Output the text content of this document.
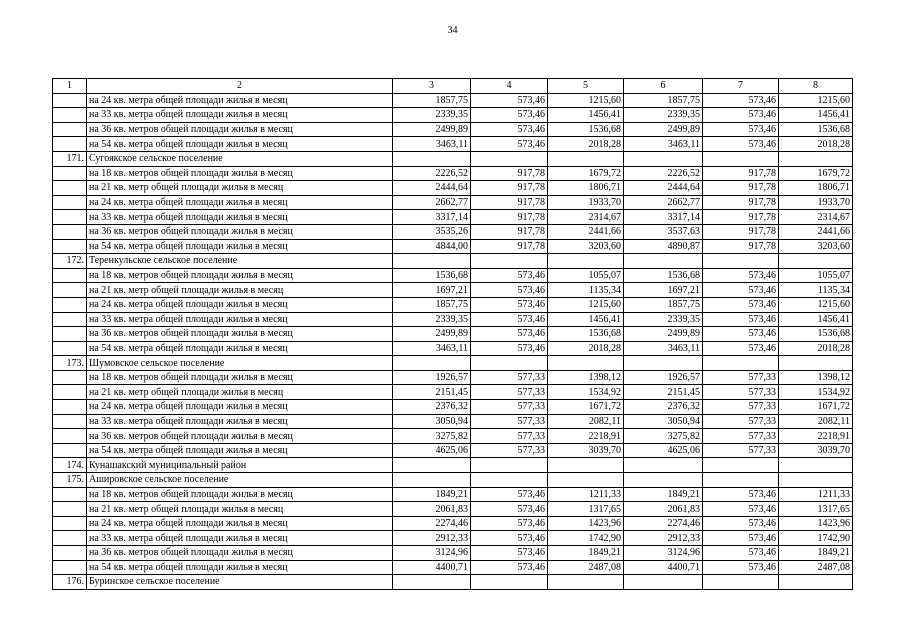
34
1	2	3	4	5	6	7	8
	на 24 кв. метра общей площади жилья в месяц	1857,75	573,46	1215,60	1857,75	573,46	1215,60
	на 33 кв. метра общей площади жилья в месяц	2339,35	573,46	1456,41	2339,35	573,46	1456,41
	на 36 кв. метров общей площади жилья в месяц	2499,89	573,46	1536,68	2499,89	573,46	1536,68
	на 54 кв. метра общей площади жилья в месяц	3463,11	573,46	2018,28	3463,11	573,46	2018,28
171.	Сугоякское сельское поселение						
	на 18 кв. метров общей площади жилья в месяц	2226,52	917,78	1679,72	2226,52	917,78	1679,72
	на 21 кв. метр общей площади жилья в месяц	2444,64	917,78	1806,71	2444,64	917,78	1806,71
	на 24 кв. метра общей площади жилья в месяц	2662,77	917,78	1933,70	2662,77	917,78	1933,70
	на 33 кв. метра общей площади жилья в месяц	3317,14	917,78	2314,67	3317,14	917,78	2314,67
	на 36 кв. метров общей площади жилья в месяц	3535,26	917,78	2441,66	3537,63	917,78	2441,66
	на 54 кв. метра общей площади жилья в месяц	4844,00	917,78	3203,60	4890,87	917,78	3203,60
172.	Теренкульское сельское поселение						
	на 18 кв. метров общей площади жилья в месяц	1536,68	573,46	1055,07	1536,68	573,46	1055,07
	на 21 кв. метр общей площади жилья в месяц	1697,21	573,46	1135,34	1697,21	573,46	1135,34
	на 24 кв. метра общей площади жилья в месяц	1857,75	573,46	1215,60	1857,75	573,46	1215,60
	на 33 кв. метра общей площади жилья в месяц	2339,35	573,46	1456,41	2339,35	573,46	1456,41
	на 36 кв. метров общей площади жилья в месяц	2499,89	573,46	1536,68	2499,89	573,46	1536,68
	на 54 кв. метра общей площади жилья в месяц	3463,11	573,46	2018,28	3463,11	573,46	2018,28
173.	Шумовское сельское поселение						
	на 18 кв. метров общей площади жилья в месяц	1926,57	577,33	1398,12	1926,57	577,33	1398,12
	на 21 кв. метр общей площади жилья в месяц	2151,45	577,33	1534,92	2151,45	577,33	1534,92
	на 24 кв. метра общей площади жилья в месяц	2376,32	577,33	1671,72	2376,32	577,33	1671,72
	на 33 кв. метра общей площади жилья в месяц	3050,94	577,33	2082,11	3050,94	577,33	2082,11
	на 36 кв. метров общей площади жилья в месяц	3275,82	577,33	2218,91	3275,82	577,33	2218,91
	на 54 кв. метра общей площади жилья в месяц	4625,06	577,33	3039,70	4625,06	577,33	3039,70
174.	Кунашакский муниципальный район						
175.	Ашировское сельское поселение						
	на 18 кв. метров общей площади жилья в месяц	1849,21	573,46	1211,33	1849,21	573,46	1211,33
	на 21 кв. метр общей площади жилья в месяц	2061,83	573,46	1317,65	2061,83	573,46	1317,65
	на 24 кв. метра общей площади жилья в месяц	2274,46	573,46	1423,96	2274,46	573,46	1423,96
	на 33 кв. метра общей площади жилья в месяц	2912,33	573,46	1742,90	2912,33	573,46	1742,90
	на 36 кв. метров общей площади жилья в месяц	3124,96	573,46	1849,21	3124,96	573,46	1849,21
	на 54 кв. метра общей площади жилья в месяц	4400,71	573,46	2487,08	4400,71	573,46	2487,08
176.	Буринское сельское поселение						
